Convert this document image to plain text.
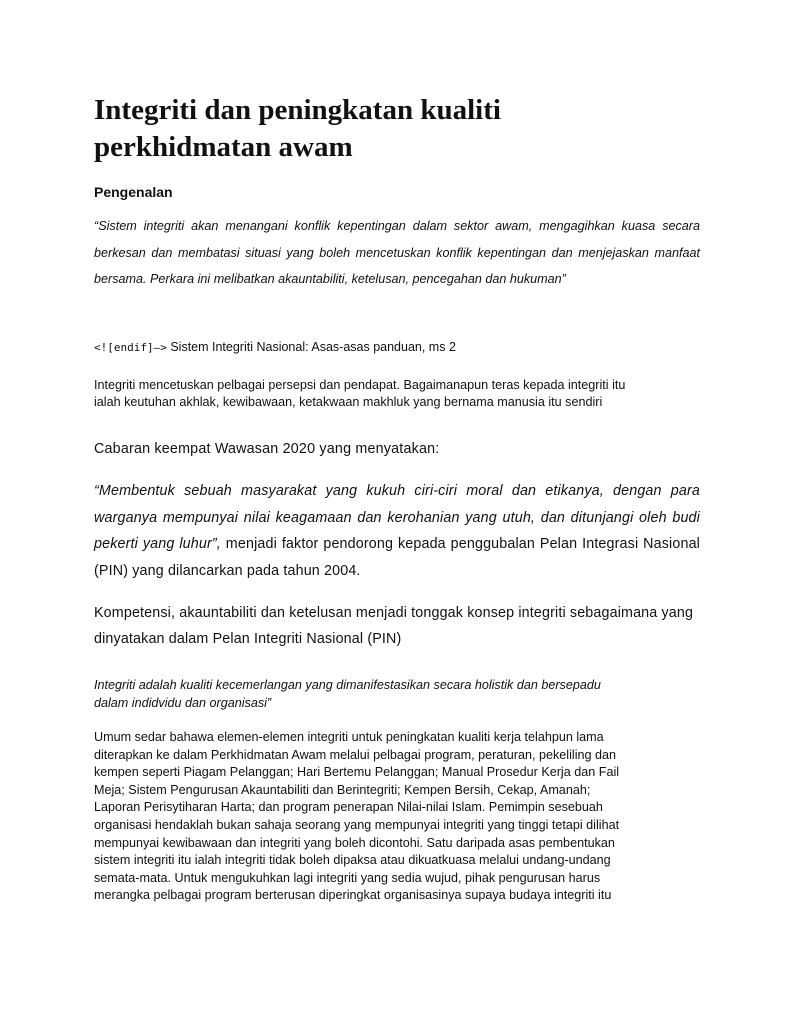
Integriti dan peningkatan kualiti
perkhidmatan awam
Pengenalan

“Sistem integriti akan menangani konflik kepentingan dalam sektor awam, mengagihkan kuasa secara berkesan dan membatasi situasi yang boleh mencetuskan konflik kepentingan dan menjejaskan manfaat bersama. Perkara ini melibatkan akauntabiliti, ketelusan, pencegahan dan hukuman”

<![endif]–> Sistem Integriti Nasional: Asas-asas panduan, ms 2

Integriti mencetuskan pelbagai persepsi dan pendapat. Bagaimanapun teras kepada integriti itu
ialah keutuhan akhlak, kewibawaan, ketakwaan makhluk yang bernama manusia itu sendiri

Cabaran keempat Wawasan 2020 yang menyatakan:

“Membentuk sebuah masyarakat yang kukuh ciri-ciri moral dan etikanya, dengan para warganya mempunyai nilai keagamaan dan kerohanian yang utuh, dan ditunjangi oleh budi pekerti yang luhur”, menjadi faktor pendorong kepada penggubalan Pelan Integrasi Nasional (PIN) yang dilancarkan pada tahun 2004.

Kompetensi, akauntabiliti dan ketelusan menjadi tonggak konsep integriti sebagaimana yang dinyatakan dalam Pelan Integriti Nasional (PIN)

Integriti adalah kualiti kecemerlangan yang dimanifestasikan secara holistik dan bersepadu
dalam indidvidu dan organisasi”

Umum sedar bahawa elemen-elemen integriti untuk peningkatan kualiti kerja telahpun lama
diterapkan ke dalam Perkhidmatan Awam melalui pelbagai program, peraturan, pekeliling dan
kempen seperti Piagam Pelanggan; Hari Bertemu Pelanggan; Manual Prosedur Kerja dan Fail
Meja; Sistem Pengurusan Akauntabiliti dan Berintegriti; Kempen Bersih, Cekap, Amanah;
Laporan Perisytiharan Harta; dan program penerapan Nilai-nilai Islam. Pemimpin sesebuah
organisasi hendaklah bukan sahaja seorang yang mempunyai integriti yang tinggi tetapi dilihat
mempunyai kewibawaan dan integriti yang boleh dicontohi. Satu daripada asas pembentukan
sistem integriti itu ialah integriti tidak boleh dipaksa atau dikuatkuasa melalui undang-undang
semata-mata. Untuk mengukuhkan lagi integriti yang sedia wujud, pihak pengurusan harus
merangka pelbagai program berterusan diperingkat organisasinya supaya budaya integriti itu
